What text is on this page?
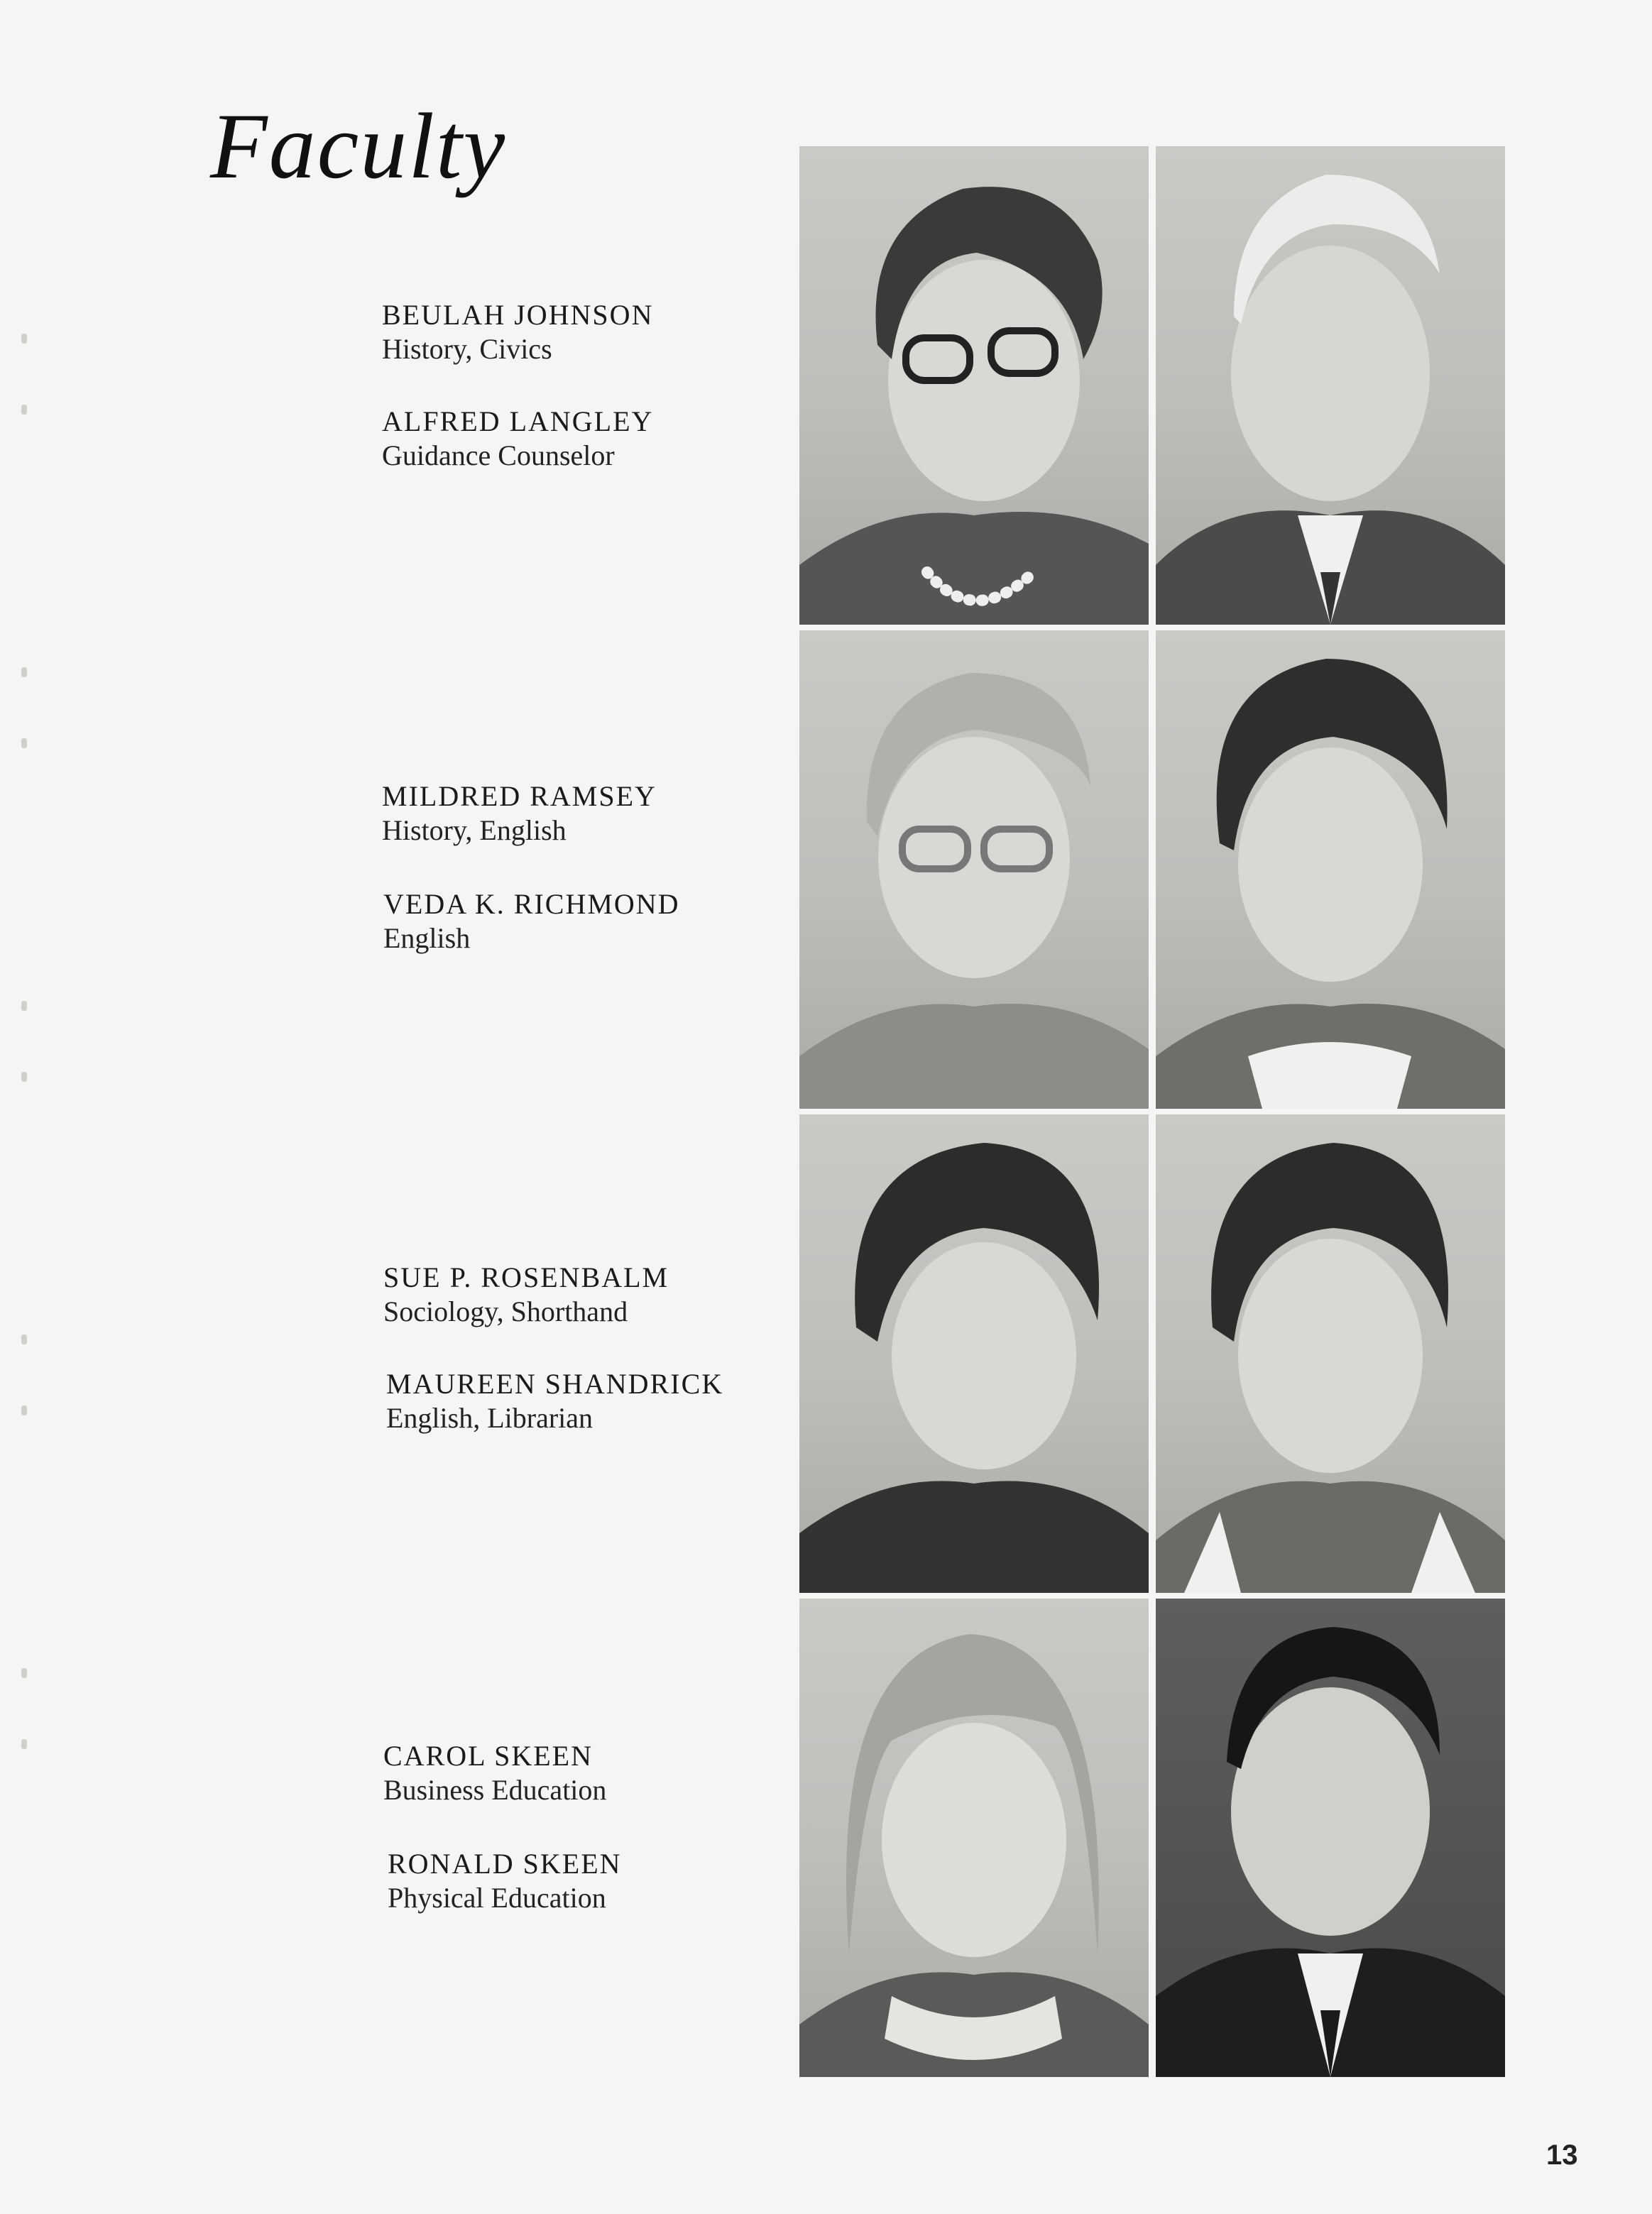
Faculty
BEULAH JOHNSON
History, Civics
ALFRED LANGLEY
Guidance Counselor
MILDRED RAMSEY
History, English
VEDA K. RICHMOND
English
SUE P. ROSENBALM
Sociology, Shorthand
MAUREEN SHANDRICK
English, Librarian
CAROL SKEEN
Business Education
RONALD SKEEN
Physical Education
13
